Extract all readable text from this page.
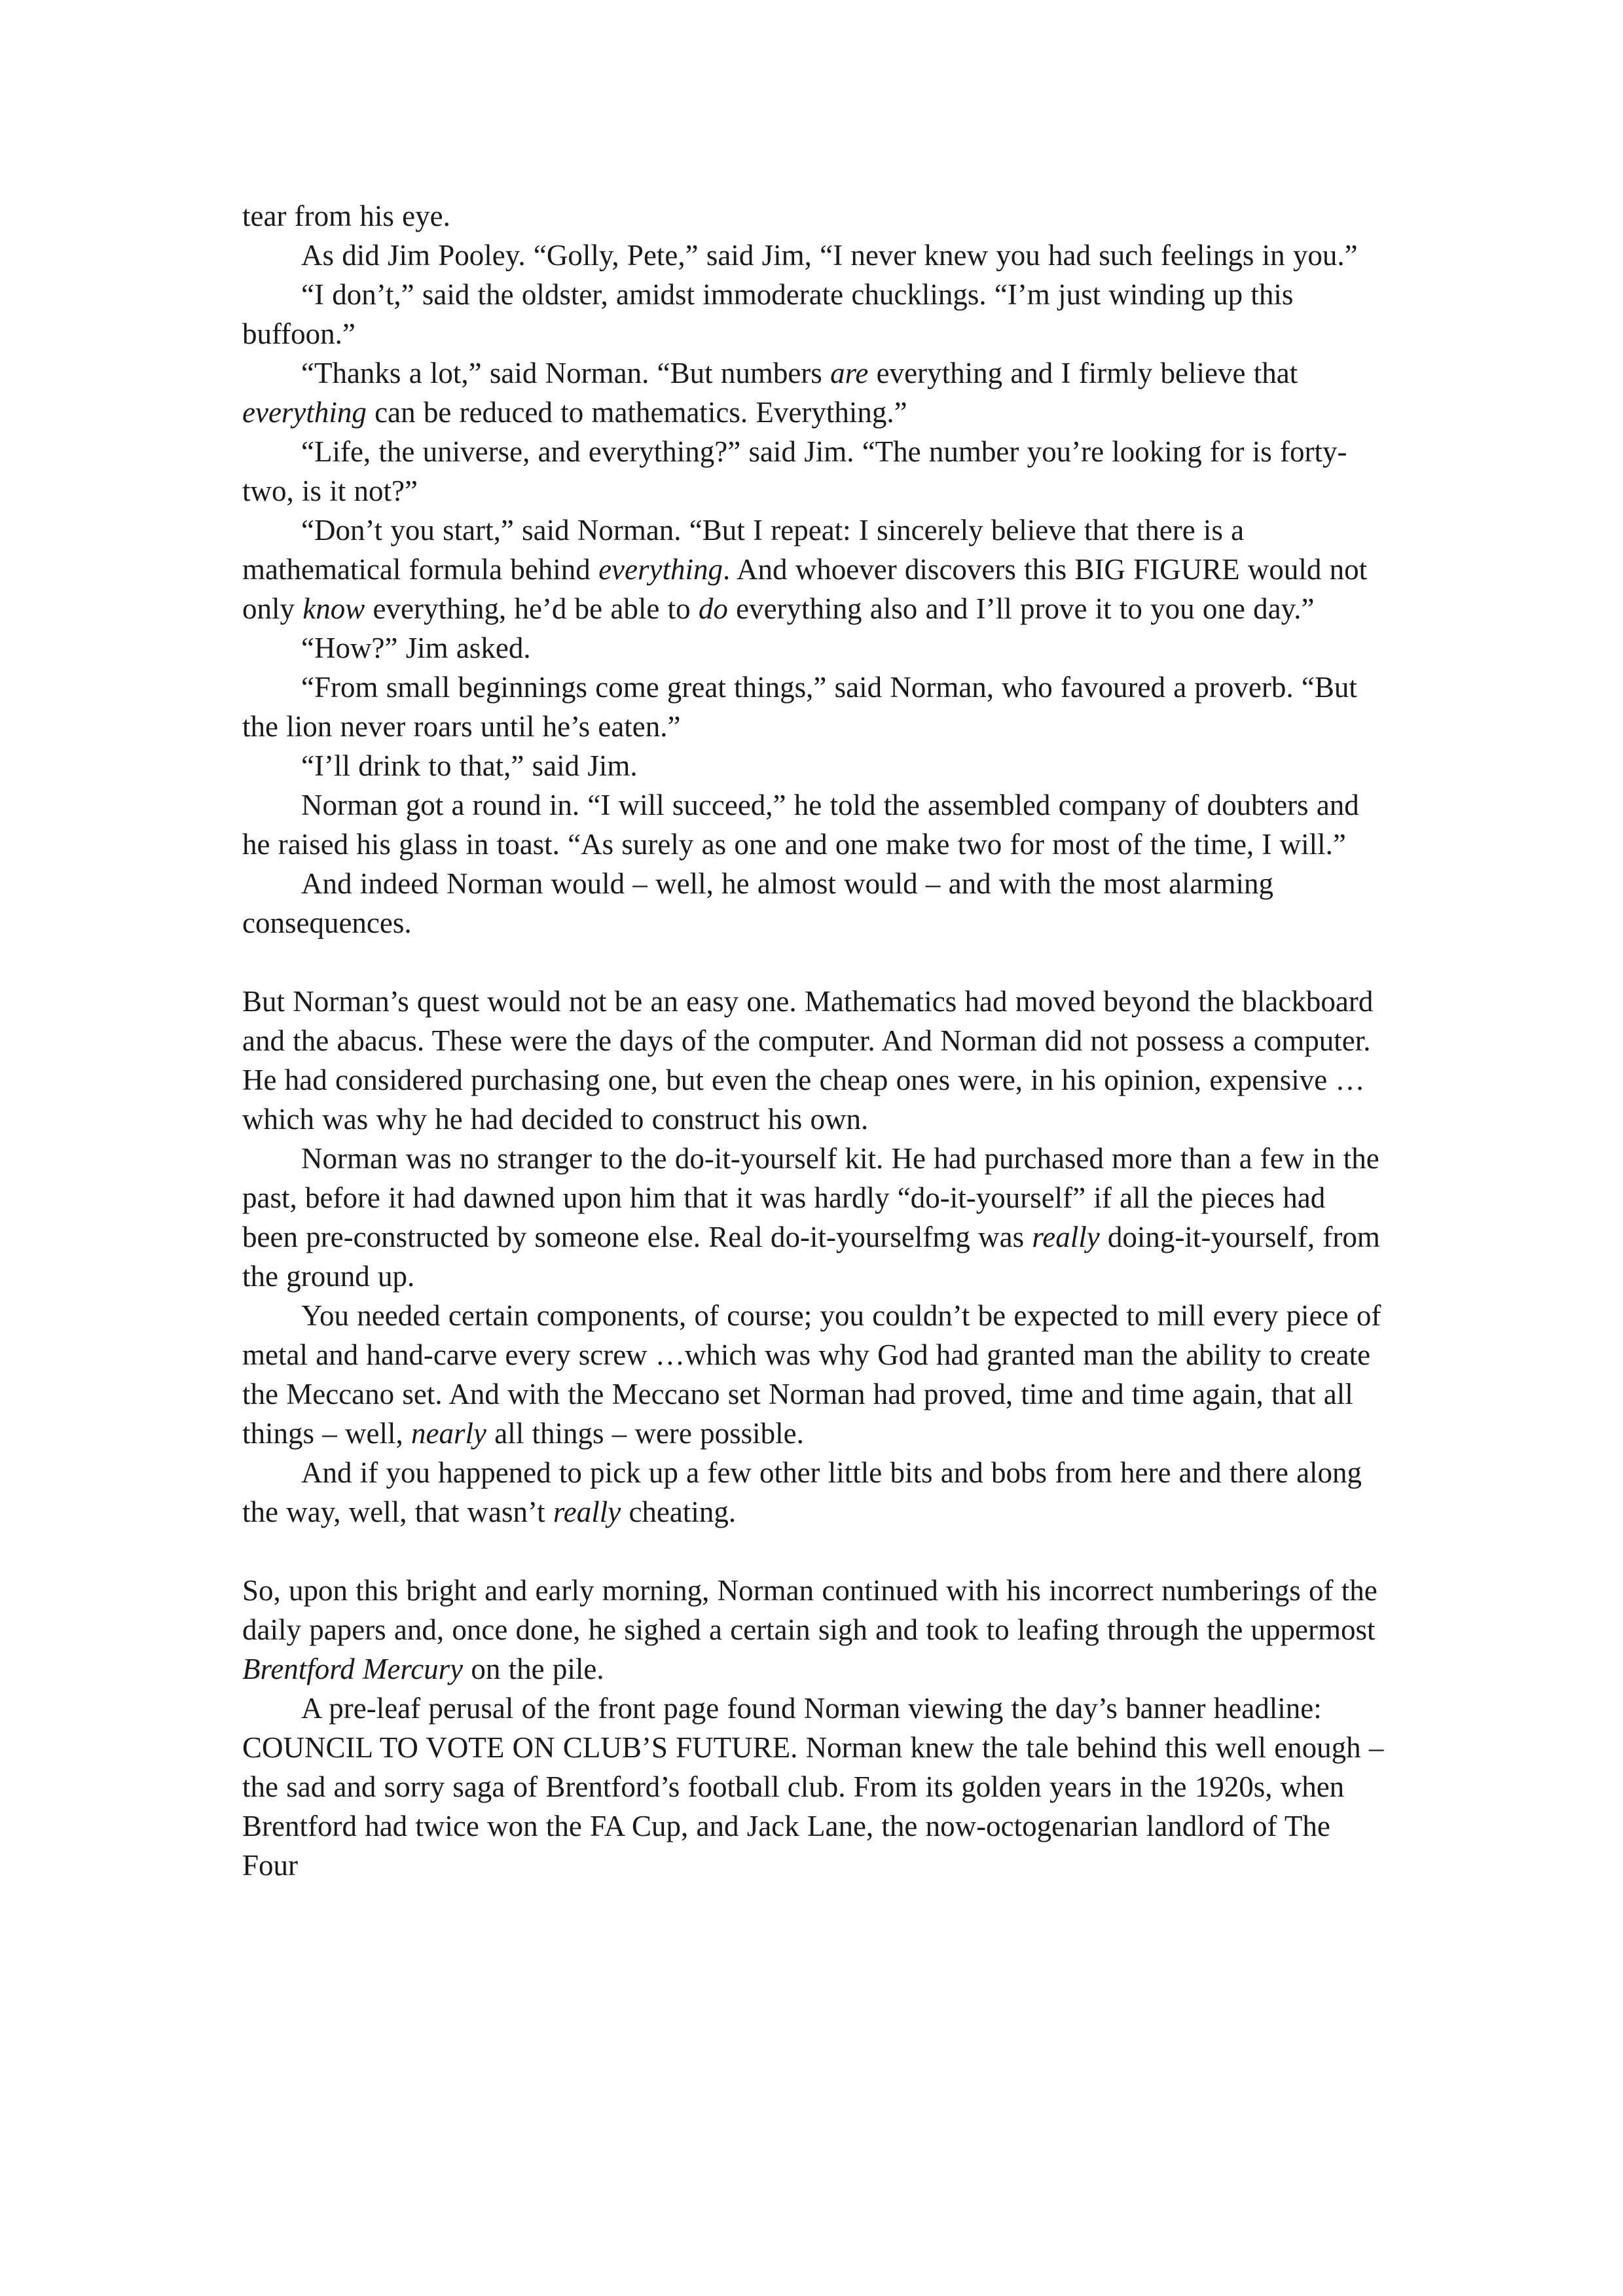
tear from his eye.

As did Jim Pooley. “Golly, Pete,” said Jim, “I never knew you had such feelings in you.”

“I don’t,” said the oldster, amidst immoderate chucklings. “I’m just winding up this buffoon.”

“Thanks a lot,” said Norman. “But numbers are everything and I firmly believe that everything can be reduced to mathematics. Everything.”

“Life, the universe, and everything?” said Jim. “The number you’re looking for is forty-two, is it not?”

“Don’t you start,” said Norman. “But I repeat: I sincerely believe that there is a mathematical formula behind everything. And whoever discovers this BIG FIGURE would not only know everything, he’d be able to do everything also and I’ll prove it to you one day.”

“How?” Jim asked.

“From small beginnings come great things,” said Norman, who favoured a proverb. “But the lion never roars until he’s eaten.”

“I’ll drink to that,” said Jim.

Norman got a round in. “I will succeed,” he told the assembled company of doubters and he raised his glass in toast. “As surely as one and one make two for most of the time, I will.”

And indeed Norman would – well, he almost would – and with the most alarming consequences.

But Norman’s quest would not be an easy one. Mathematics had moved beyond the blackboard and the abacus. These were the days of the computer. And Norman did not possess a computer. He had considered purchasing one, but even the cheap ones were, in his opinion, expensive …which was why he had decided to construct his own.

Norman was no stranger to the do-it-yourself kit. He had purchased more than a few in the past, before it had dawned upon him that it was hardly “do-it-yourself” if all the pieces had been pre-constructed by someone else. Real do-it-yourselfmg was really doing-it-yourself, from the ground up.

You needed certain components, of course; you couldn’t be expected to mill every piece of metal and hand-carve every screw …which was why God had granted man the ability to create the Meccano set. And with the Meccano set Norman had proved, time and time again, that all things – well, nearly all things – were possible.

And if you happened to pick up a few other little bits and bobs from here and there along the way, well, that wasn’t really cheating.

So, upon this bright and early morning, Norman continued with his incorrect numberings of the daily papers and, once done, he sighed a certain sigh and took to leafing through the uppermost Brentford Mercury on the pile.

A pre-leaf perusal of the front page found Norman viewing the day’s banner headline: COUNCIL TO VOTE ON CLUB’S FUTURE. Norman knew the tale behind this well enough – the sad and sorry saga of Brentford’s football club. From its golden years in the 1920s, when Brentford had twice won the FA Cup, and Jack Lane, the now-octogenarian landlord of The Four
